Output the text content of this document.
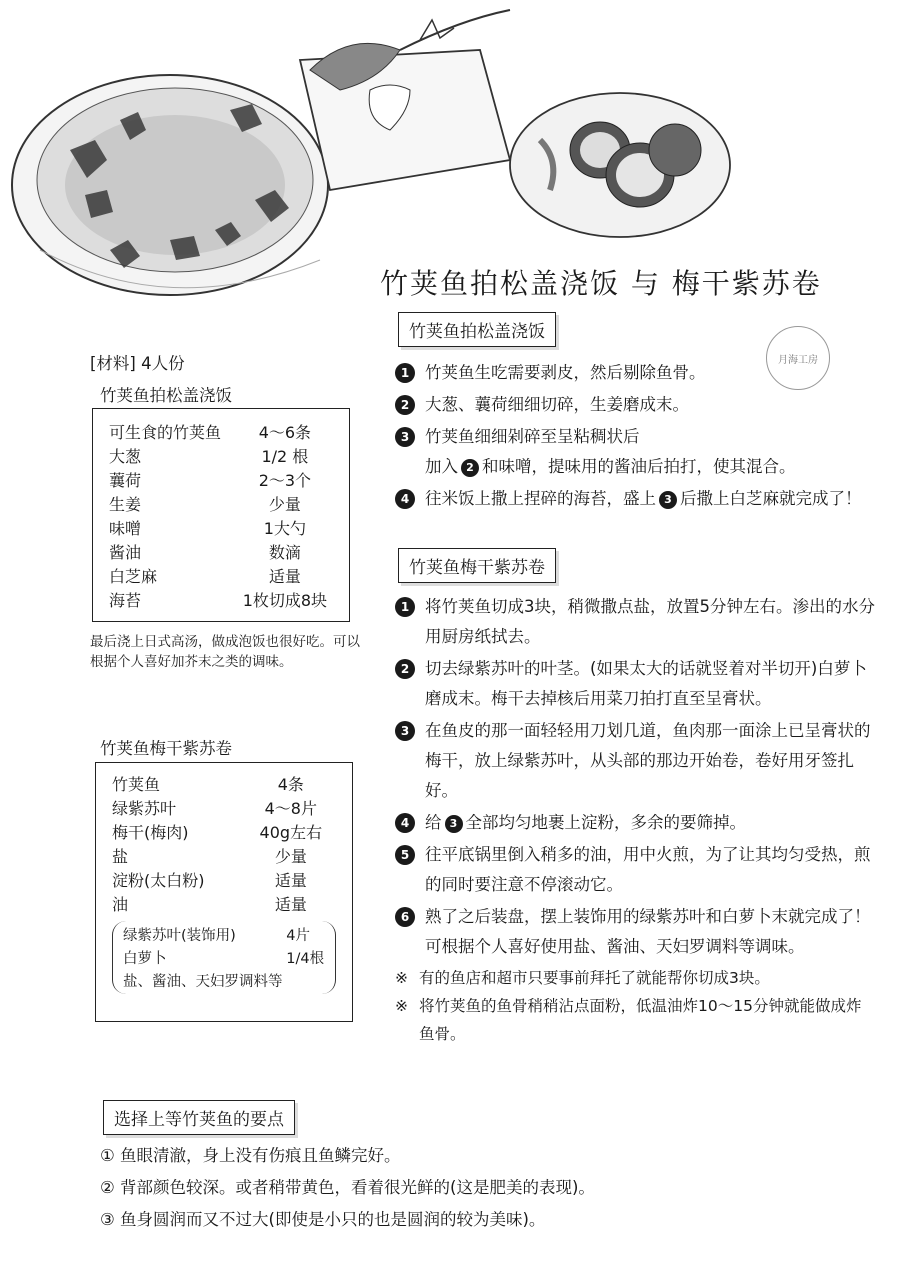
竹荚鱼拍松盖浇饭 与 梅干紫苏卷
月海工房
[材料] 4人份
竹荚鱼拍松盖浇饭
可生食的竹荚鱼	4～6条
大葱	1/2 根
蘘荷	2～3个
生姜	少量
味噌	1大勺
酱油	数滴
白芝麻	适量
海苔	1枚切成8块
最后浇上日式高汤，做成泡饭也很好吃。可以根据个人喜好加芥末之类的调味。
竹荚鱼梅干紫苏卷
竹荚鱼	4条
绿紫苏叶	4～8片
梅干(梅肉)	40g左右
盐	少量
淀粉(太白粉)	适量
油	适量
绿紫苏叶(装饰用)	4片
白萝卜	1/4根
盐、酱油、天妇罗调料等	
竹荚鱼拍松盖浇饭
1 竹荚鱼生吃需要剥皮，然后剔除鱼骨。
2 大葱、蘘荷细细切碎，生姜磨成末。
3 竹荚鱼细细剁碎至呈粘稠状后
加入 2 和味噌，提味用的酱油后拍打，使其混合。
4 往米饭上撒上捏碎的海苔，盛上 3 后撒上白芝麻就完成了！
竹荚鱼梅干紫苏卷
1 将竹荚鱼切成3块，稍微撒点盐，放置5分钟左右。渗出的水分用厨房纸拭去。
2 切去绿紫苏叶的叶茎。(如果太大的话就竖着对半切开)白萝卜磨成末。梅干去掉核后用菜刀拍打直至呈膏状。
3 在鱼皮的那一面轻轻用刀划几道，鱼肉那一面涂上已呈膏状的梅干，放上绿紫苏叶，从头部的那边开始卷，卷好用牙签扎好。
4 给 3 全部均匀地裹上淀粉，多余的要筛掉。
5 往平底锅里倒入稍多的油，用中火煎，为了让其均匀受热，煎的同时要注意不停滚动它。
6 熟了之后装盘，摆上装饰用的绿紫苏叶和白萝卜末就完成了！ 可根据个人喜好使用盐、酱油、天妇罗调料等调味。
※ 有的鱼店和超市只要事前拜托了就能帮你切成3块。
※ 将竹荚鱼的鱼骨稍稍沾点面粉，低温油炸10～15分钟就能做成炸鱼骨。
选择上等竹荚鱼的要点
① 鱼眼清澈，身上没有伤痕且鱼鳞完好。
② 背部颜色较深。或者稍带黄色，看着很光鲜的(这是肥美的表现)。
③ 鱼身圆润而又不过大(即使是小只的也是圆润的较为美味)。
